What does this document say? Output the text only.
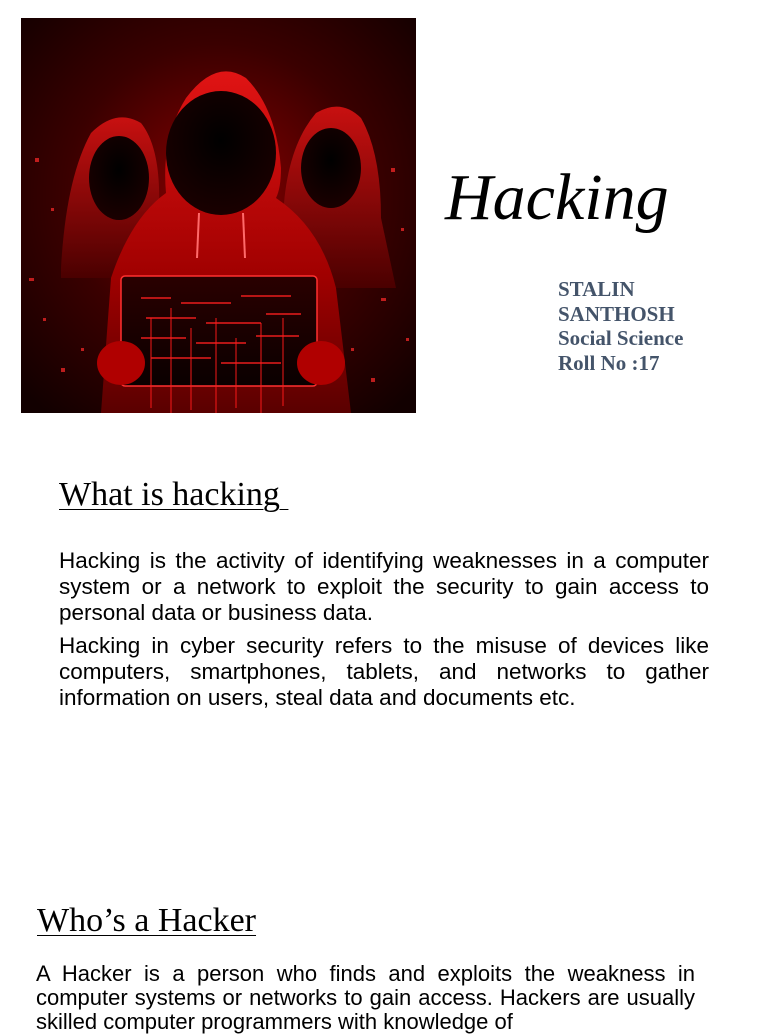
Hacking
STALIN
SANTHOSH
Social Science
Roll No :17
What is hacking

Hacking is the activity of identifying weaknesses in a computer system or a network to exploit the security to gain access to personal data or business data.

Hacking in cyber security refers to the misuse of devices like computers, smartphones, tablets, and networks to gather information on users, steal data and documents etc.

Who’s a Hacker

A Hacker is a person who finds and exploits the weakness in computer systems or networks to gain access. Hackers are usually skilled computer programmers with knowledge of
